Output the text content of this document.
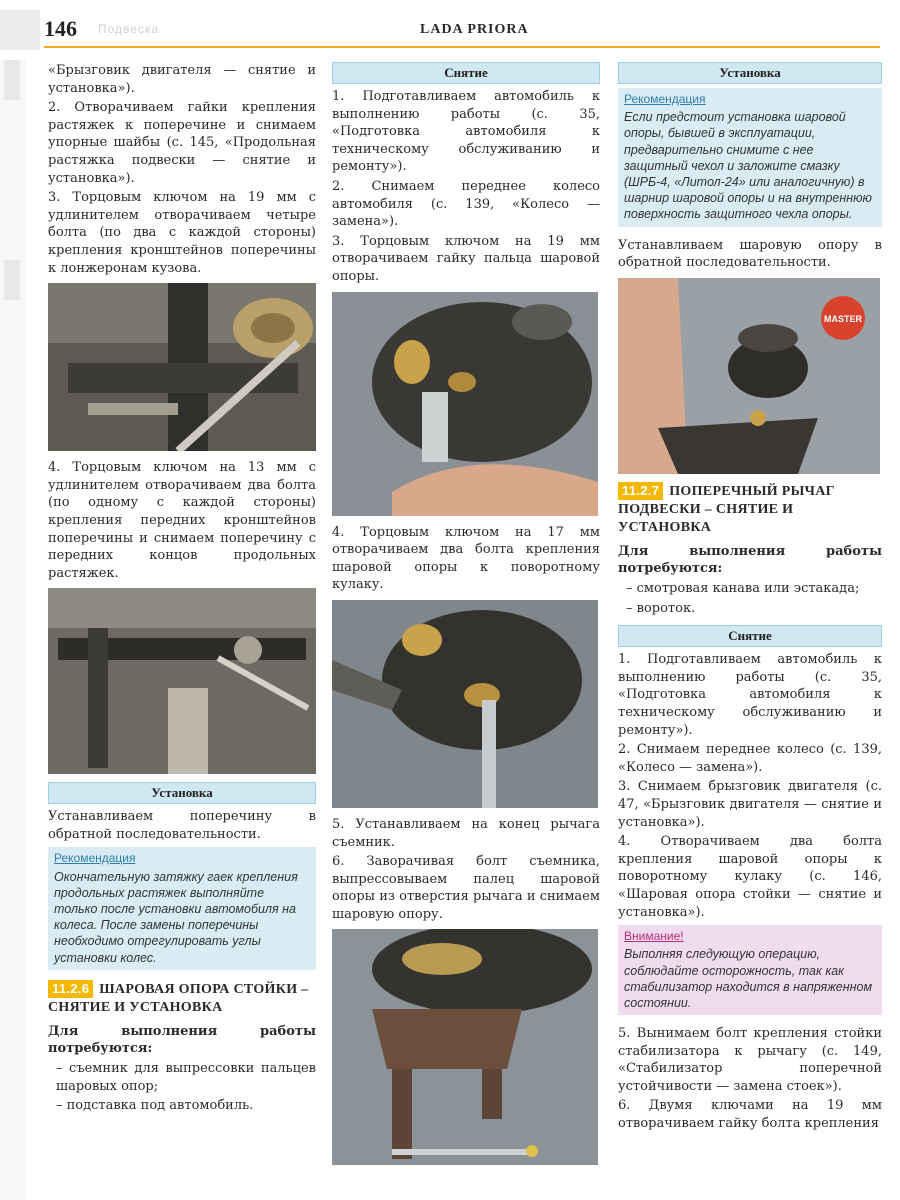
146 Подвеска	LADA PRIORA

«Брызговик двигателя — снятие и установка»).

2. Отворачиваем гайки крепления растяжек к поперечине и снимаем упорные шайбы (с. 145, «Продольная растяжка подвески — снятие и установка»).

3. Торцовым ключом на 19 мм с удлинителем отворачиваем четыре болта (по два с каждой стороны) крепления кронштейнов поперечины к лонжеронам кузова.

4. Торцовым ключом на 13 мм с удлинителем отворачиваем два болта (по одному с каждой стороны) крепления передних кронштейнов поперечины и снимаем поперечину с передних концов продольных растяжек.

Установка

Устанавливаем поперечину в обратной последовательности.

Рекомендация
Окончательную затяжку гаек крепления продольных растяжек выполняйте только после установки автомобиля на колеса. После замены поперечины необходимо отрегулировать углы установки колес.
11.2.6 ШАРОВАЯ ОПОРА СТОЙКИ – СНЯТИЕ И УСТАНОВКА

Для выполнения работы потребуются:

– съемник для выпрессовки пальцев шаровых опор;

– подставка под автомобиль.

Снятие

1. Подготавливаем автомобиль к выполнению работы (с. 35, «Подготовка автомобиля к техническому обслуживанию и ремонту»).

2. Снимаем переднее колесо автомобиля (с. 139, «Колесо — замена»).

3. Торцовым ключом на 19 мм отворачиваем гайку пальца шаровой опоры.

4. Торцовым ключом на 17 мм отворачиваем два болта крепления шаровой опоры к поворотному кулаку.

5. Устанавливаем на конец рычага съемник.

6. Заворачивая болт съемника, выпрессовываем палец шаровой опоры из отверстия рычага и снимаем шаровую опору.

Установка
Рекомендация
Если предстоит установка шаровой опоры, бывшей в эксплуатации, предварительно снимите с нее защитный чехол и заложите смазку (ШРБ-4, «Литол-24» или аналогичную) в шарнир шаровой опоры и на внутреннюю поверхность защитного чехла опоры.

Устанавливаем шаровую опору в обратной последовательности.

MASTER
11.2.7 ПОПЕРЕЧНЫЙ РЫЧАГ ПОДВЕСКИ – СНЯТИЕ И УСТАНОВКА

Для выполнения работы потребуются:

– смотровая канава или эстакада;

– вороток.

Снятие

1. Подготавливаем автомобиль к выполнению работы (с. 35, «Подготовка автомобиля к техническому обслуживанию и ремонту»).

2. Снимаем переднее колесо (с. 139, «Колесо — замена»).

3. Снимаем брызговик двигателя (с. 47, «Брызговик двигателя — снятие и установка»).

4. Отворачиваем два болта крепления шаровой опоры к поворотному кулаку (с. 146, «Шаровая опора стойки — снятие и установка»).

Внимание!
Выполняя следующую операцию, соблюдайте осторожность, так как стабилизатор находится в напряженном состоянии.

5. Вынимаем болт крепления стойки стабилизатора к рычагу (с. 149, «Стабилизатор поперечной устойчивости — замена стоек»).

6. Двумя ключами на 19 мм отворачиваем гайку болта крепления
